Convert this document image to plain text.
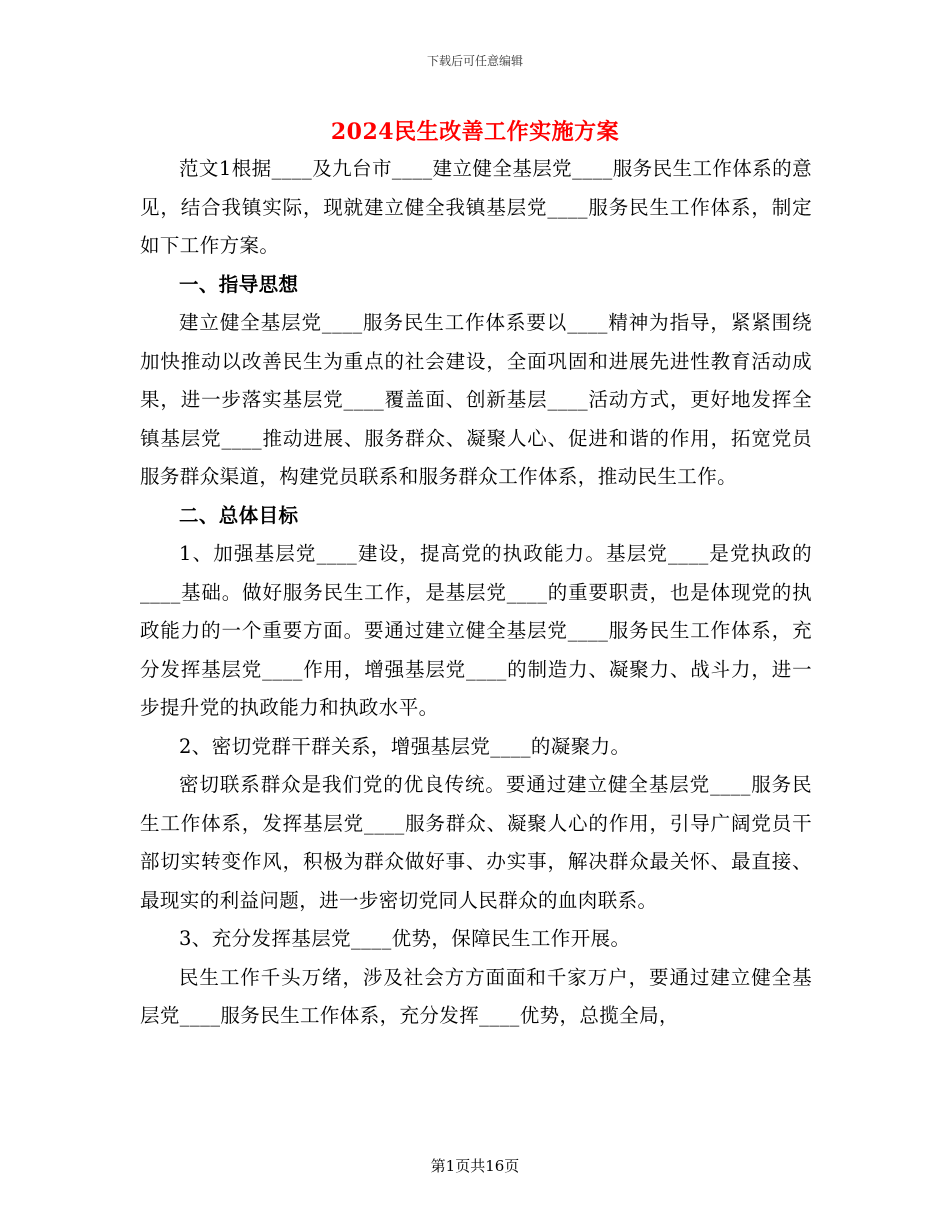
下载后可任意编辑
2024民生改善工作实施方案

范文1根据____及九台市____建立健全基层党____服务民生工作体系的意见，结合我镇实际，现就建立健全我镇基层党____服务民生工作体系，制定如下工作方案。

一、指导思想

建立健全基层党____服务民生工作体系要以____精神为指导，紧紧围绕加快推动以改善民生为重点的社会建设，全面巩固和进展先进性教育活动成果，进一步落实基层党____覆盖面、创新基层____活动方式，更好地发挥全镇基层党____推动进展、服务群众、凝聚人心、促进和谐的作用，拓宽党员服务群众渠道，构建党员联系和服务群众工作体系，推动民生工作。

二、总体目标

1、加强基层党____建设，提高党的执政能力。基层党____是党执政的____基础。做好服务民生工作，是基层党____的重要职责，也是体现党的执政能力的一个重要方面。要通过建立健全基层党____服务民生工作体系，充分发挥基层党____作用，增强基层党____的制造力、凝聚力、战斗力，进一步提升党的执政能力和执政水平。

2、密切党群干群关系，增强基层党____的凝聚力。

密切联系群众是我们党的优良传统。要通过建立健全基层党____服务民生工作体系，发挥基层党____服务群众、凝聚人心的作用，引导广阔党员干部切实转变作风，积极为群众做好事、办实事，解决群众最关怀、最直接、最现实的利益问题，进一步密切党同人民群众的血肉联系。

3、充分发挥基层党____优势，保障民生工作开展。

民生工作千头万绪，涉及社会方方面面和千家万户，要通过建立健全基层党____服务民生工作体系，充分发挥____优势，总揽全局，

第1页共16页
